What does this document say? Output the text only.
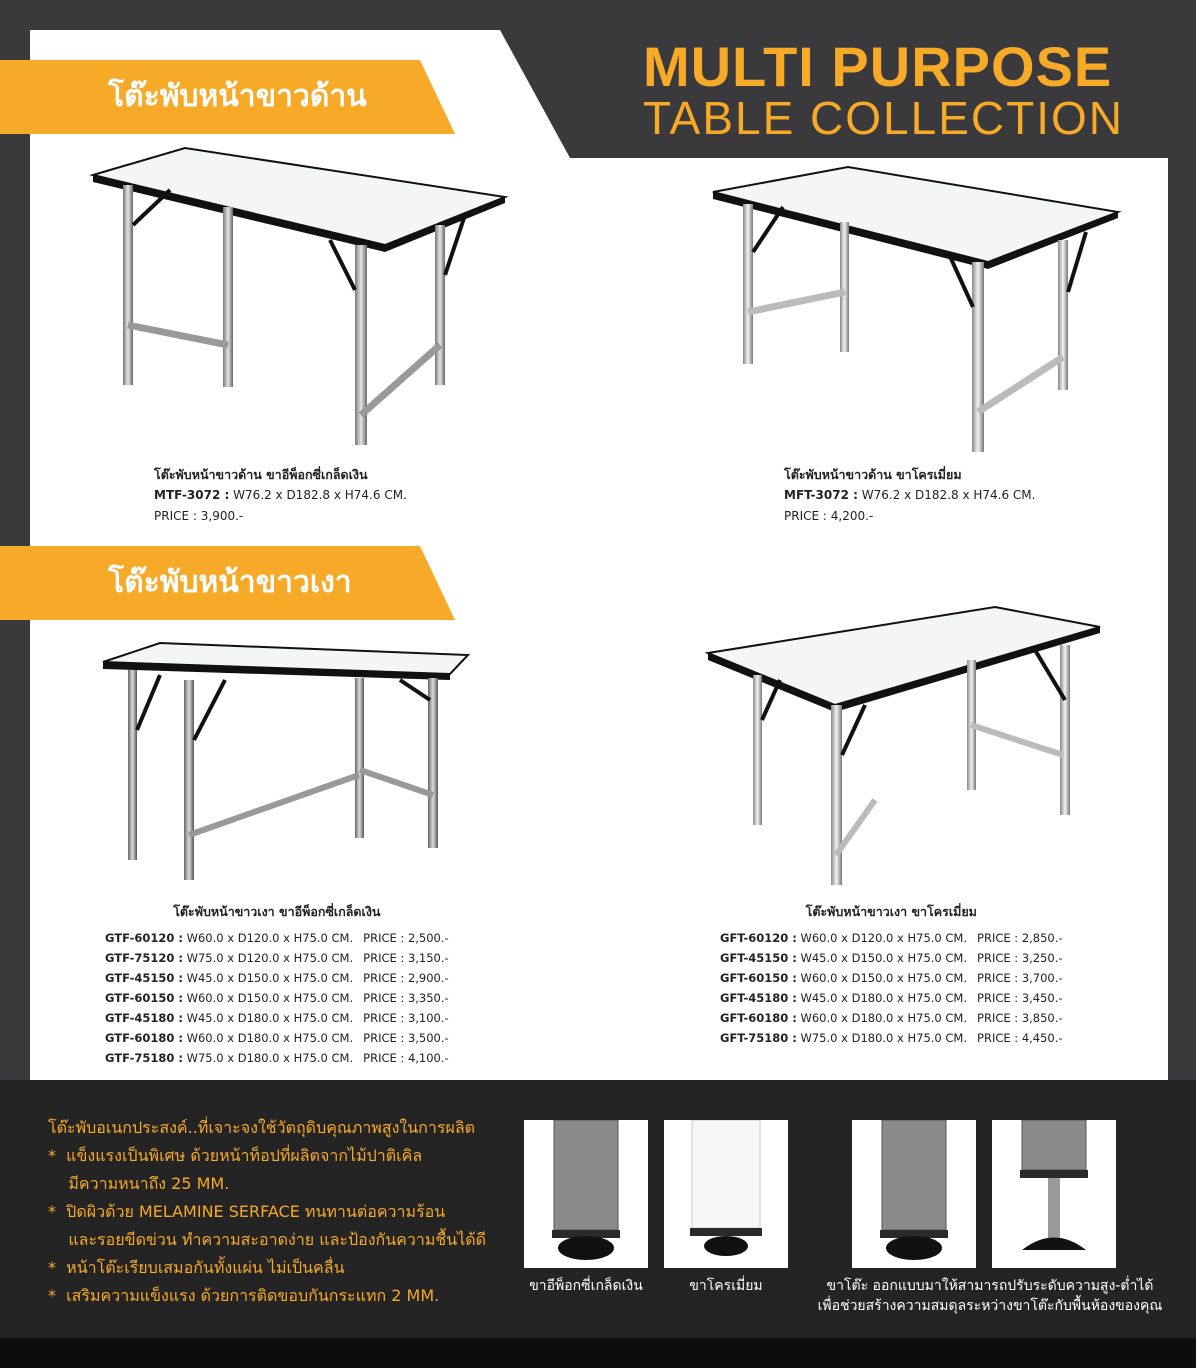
MULTI PURPOSE
TABLE COLLECTION
โต๊ะพับหน้าขาวด้าน
โต๊ะพับหน้าขาวเงา
โต๊ะพับหน้าขาวด้าน ขาอีพ็อกซี่เกล็ดเงิน
MTF-3072 : W76.2 x D182.8 x H74.6 CM.
PRICE : 3,900.-
โต๊ะพับหน้าขาวด้าน ขาโครเมี่ยม
MFT-3072 : W76.2 x D182.8 x H74.6 CM.
PRICE : 4,200.-
โต๊ะพับหน้าขาวเงา ขาอีพ็อกซี่เกล็ดเงิน
GTF-60120 : W60.0 x D120.0 x H75.0 CM. PRICE : 2,500.-
GTF-75120 : W75.0 x D120.0 x H75.0 CM. PRICE : 3,150.-
GTF-45150 : W45.0 x D150.0 x H75.0 CM. PRICE : 2,900.-
GTF-60150 : W60.0 x D150.0 x H75.0 CM. PRICE : 3,350.-
GTF-45180 : W45.0 x D180.0 x H75.0 CM. PRICE : 3,100.-
GTF-60180 : W60.0 x D180.0 x H75.0 CM. PRICE : 3,500.-
GTF-75180 : W75.0 x D180.0 x H75.0 CM. PRICE : 4,100.-
โต๊ะพับหน้าขาวเงา ขาโครเมี่ยม
GFT-60120 : W60.0 x D120.0 x H75.0 CM. PRICE : 2,850.-
GFT-45150 : W45.0 x D150.0 x H75.0 CM. PRICE : 3,250.-
GFT-60150 : W60.0 x D150.0 x H75.0 CM. PRICE : 3,700.-
GFT-45180 : W45.0 x D180.0 x H75.0 CM. PRICE : 3,450.-
GFT-60180 : W60.0 x D180.0 x H75.0 CM. PRICE : 3,850.-
GFT-75180 : W75.0 x D180.0 x H75.0 CM. PRICE : 4,450.-
โต๊ะพับอเนกประสงค์..ที่เจาะจงใช้วัตถุดิบคุณภาพสูงในการผลิต
*  แข็งแรงเป็นพิเศษ ด้วยหน้าท็อปที่ผลิตจากไม้ปาติเคิล
มีความหนาถึง 25 MM.
*  ปิดผิวด้วย MELAMINE SERFACE ทนทานต่อความร้อน
และรอยขีดข่วน ทำความสะอาดง่าย และป้องกันความชื้นได้ดี
*  หน้าโต๊ะเรียบเสมอกันทั้งแผ่น ไม่เป็นคลื่น
*  เสริมความแข็งแรง ด้วยการติดขอบกันกระแทก 2 MM.	ขาอีพ็อกซี่เกล็ดเงิน	ขาโครเมี่ยม	ขาโต๊ะ ออกแบบมาให้สามารถปรับระดับความสูง-ต่ำได้
เพื่อช่วยสร้างความสมดุลระหว่างขาโต๊ะกับพื้นห้องของคุณ
